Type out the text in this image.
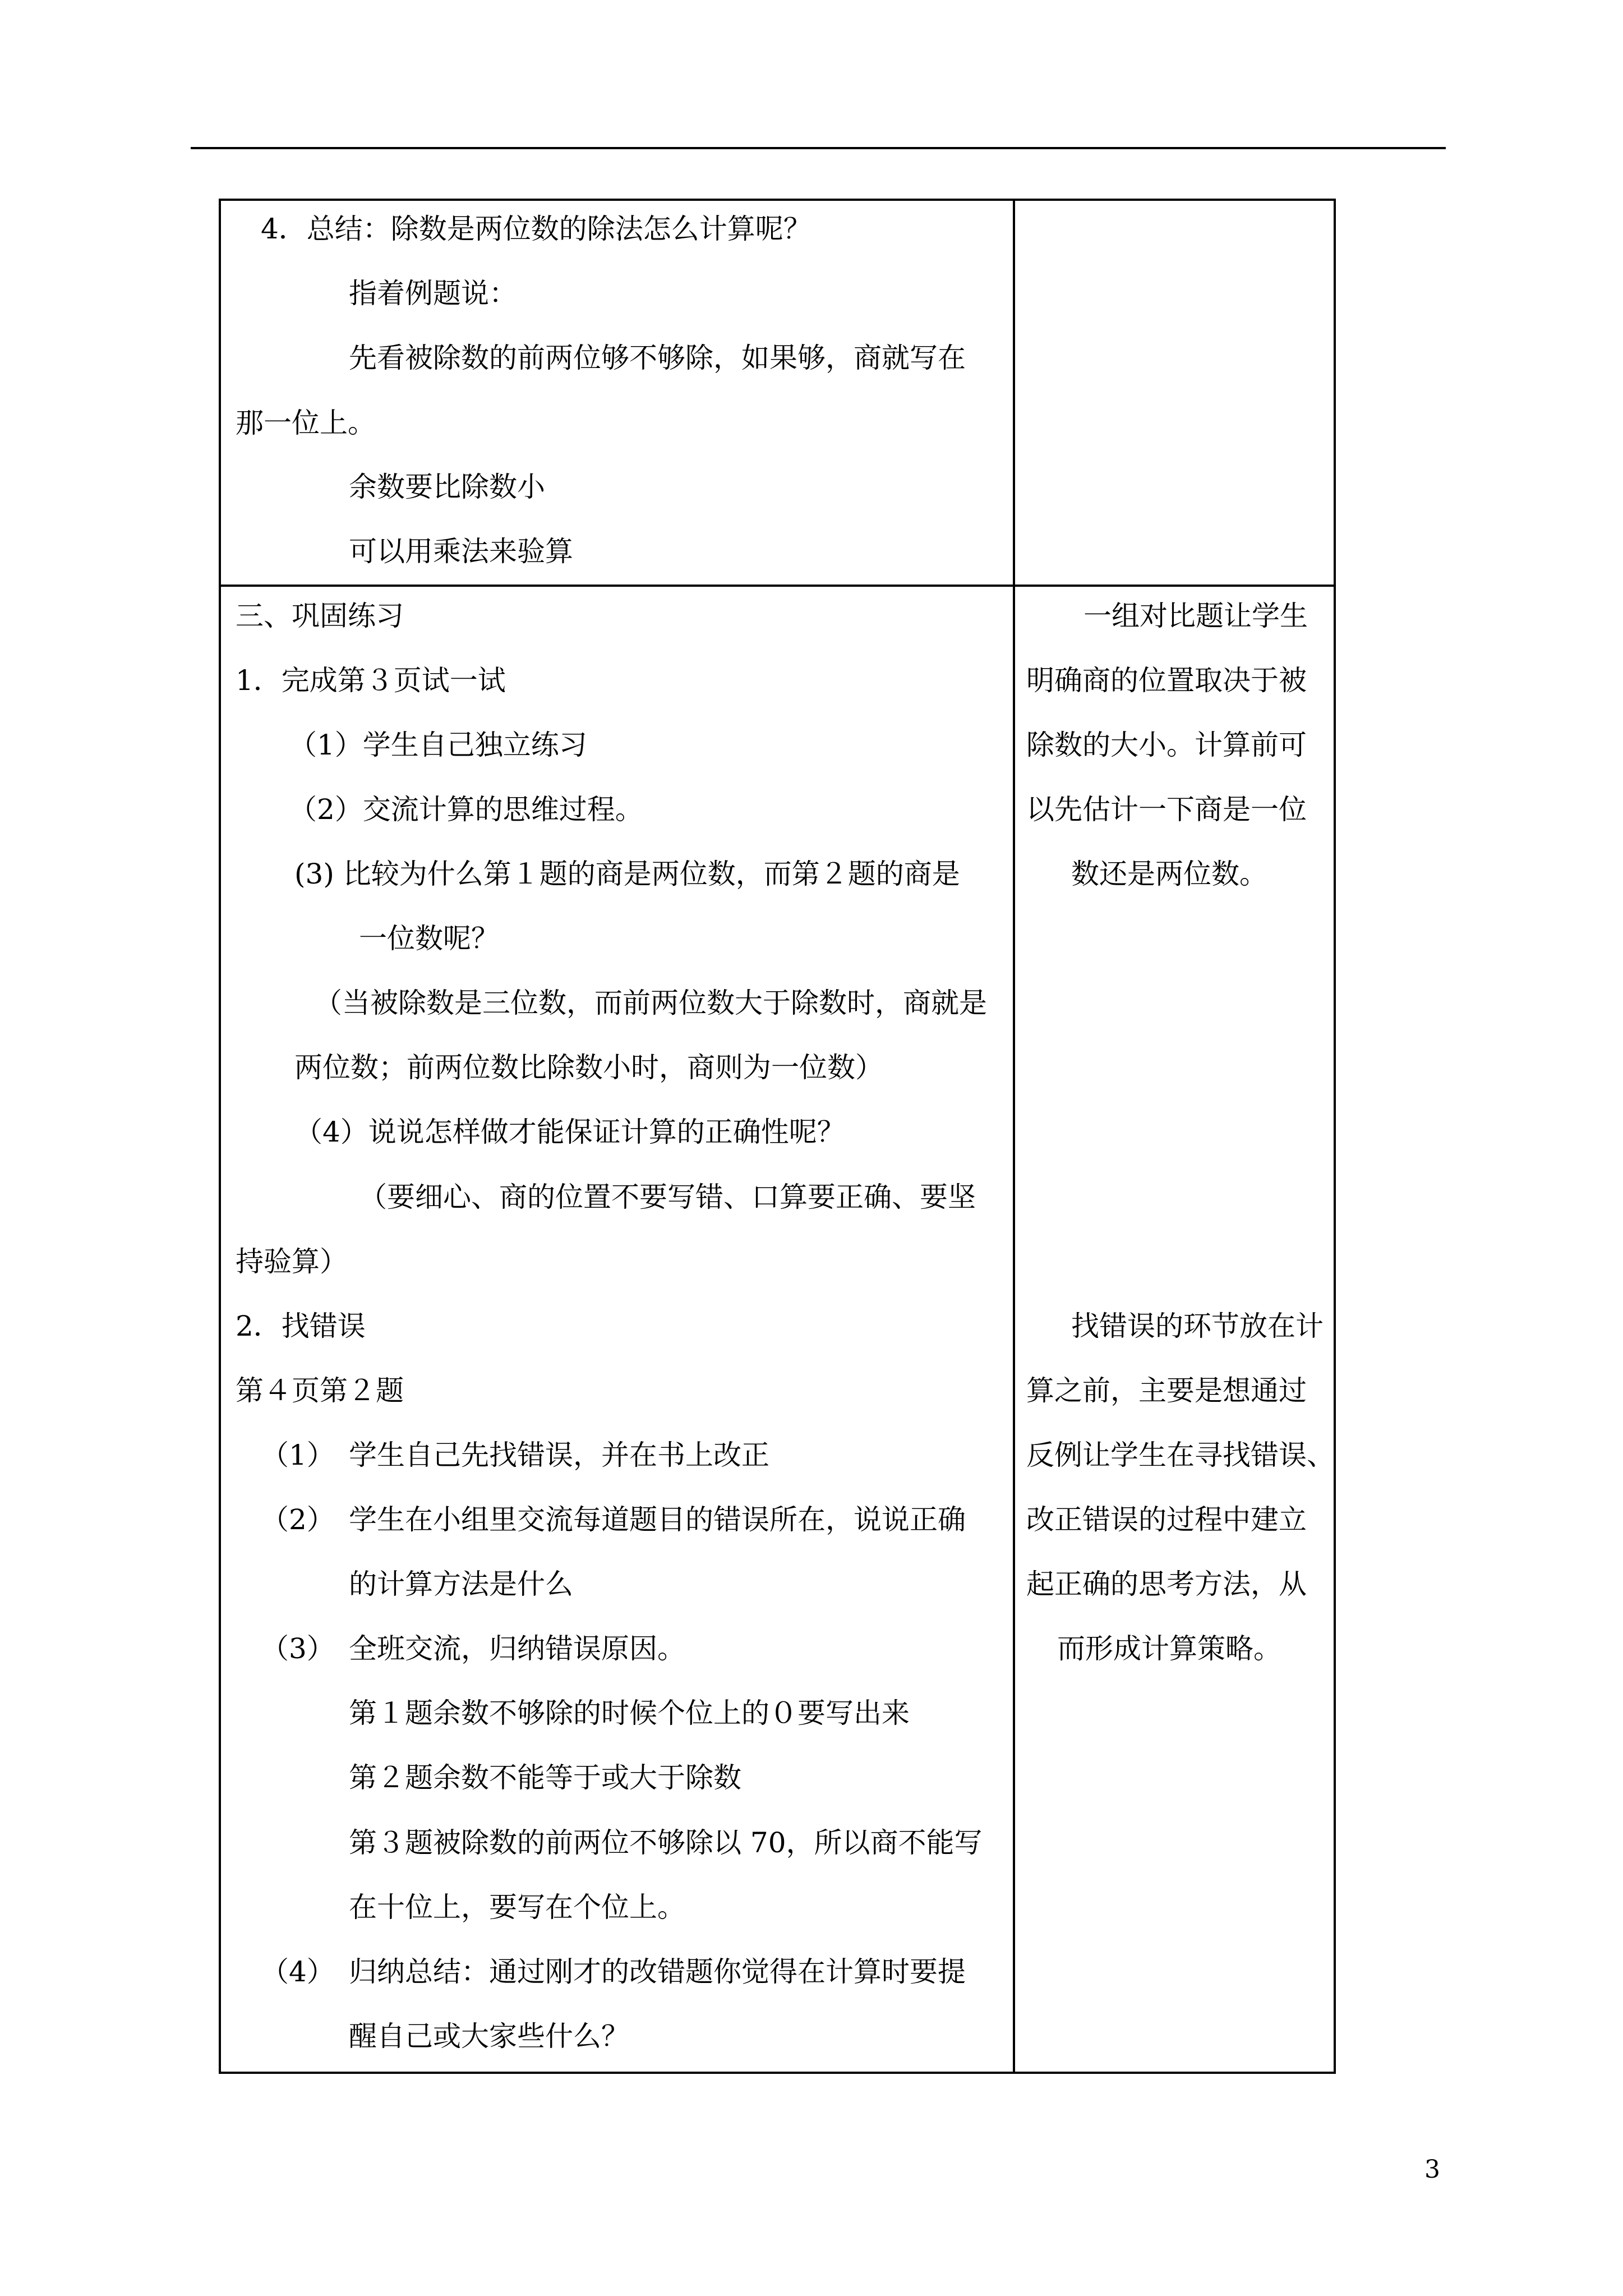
4．总结：除数是两位数的除法怎么计算呢？
指着例题说：
先看被除数的前两位够不够除，如果够，商就写在
那一位上。
余数要比除数小
可以用乘法来验算
三、巩固练习
1．完成第３页试一试
（1）学生自己独立练习
（2）交流计算的思维过程。
(3) 比较为什么第１题的商是两位数，而第２题的商是
一位数呢？
（当被除数是三位数，而前两位数大于除数时，商就是
两位数；前两位数比除数小时，商则为一位数）
（4）说说怎样做才能保证计算的正确性呢？
（要细心、商的位置不要写错、口算要正确、要坚
持验算）
2．找错误
第４页第２题
（1） 学生自己先找错误，并在书上改正
（2） 学生在小组里交流每道题目的错误所在，说说正确
的计算方法是什么
（3） 全班交流，归纳错误原因。
第１题余数不够除的时候个位上的０要写出来
第２题余数不能等于或大于除数
第３题被除数的前两位不够除以 70，所以商不能写
在十位上，要写在个位上。
（4） 归纳总结：通过刚才的改错题你觉得在计算时要提
醒自己或大家些什么？
一组对比题让学生
明确商的位置取决于被
除数的大小。计算前可
以先估计一下商是一位
数还是两位数。
找错误的环节放在计
算之前，主要是想通过
反例让学生在寻找错误、
改正错误的过程中建立
起正确的思考方法，从
而形成计算策略。
3
